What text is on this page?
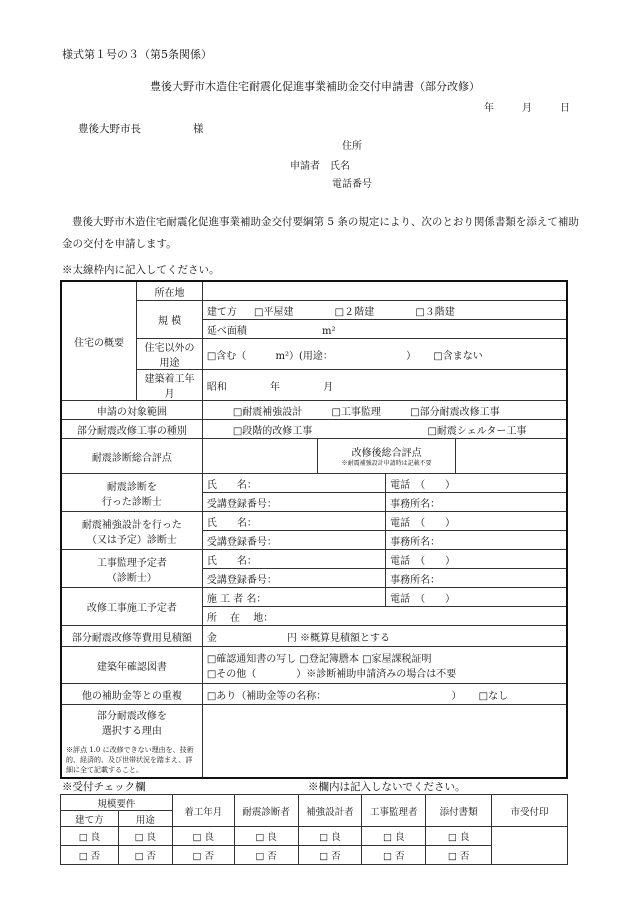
様式第１号の３（第5条関係）
豊後大野市木造住宅耐震化促進事業補助金交付申請書（部分改修）
年	月	日
豊後大野市長	様
住所
申請者 氏名
電話番号
豊後大野市木造住宅耐震化促進事業補助金交付要綱第 5 条の規定により、次のとおり関係書類を添えて補助金の交付を申請します。
※太線枠内に記入してください。
住宅の概要	所在地				
	規 模	建て方 □平屋建 □２階建 □３階建			
		延べ面積 m²			
	住宅以外の用途	□含む（ m²）(用途： ） □含まない			
	建築着工年月	昭和 年 月			
申請の対象範囲		□耐震補強設計 □工事監理 □部分耐震改修工事			
部分耐震改修工事の種別		□段階的改修工事 □耐震シェルター工事			
耐震診断総合評点			改修後総合評点
※耐震補強設計申請時は記載不要		

耐震診断を
行った診断士		氏　　名：		電話　（　　）	
		受講登録番号：		事務所名：	

耐震補強設計を行った
（又は予定）診断士		氏　　名：		電話　（　　）	
		受講登録番号：		事務所名：	

工事監理予定者
（診断士）		氏　　名：		電話　（　　）	
		受講登録番号：		事務所名：	
改修工事施工予定者		施 工 者 名：		電話　（　　）	
		所　 在　 地：			
部分耐震改修等費用見積額		金　　　　　　　円 ※概算見積額とする			
建築年確認図書		□確認通知書の写し □登記簿謄本 □家屋課税証明
□その他（　　　　）※診断補助申請済みの場合は不要			

他の補助金等との重複		□あり（補助金等の名称： ） □なし			

部分耐震改修を
選択する理由
※評点 1.0 に改修できない理由を、技術的、経済的、及び世帯状況を踏まえ、詳細に全て記載すること。					

※受付チェック欄	※欄内は記入しないでください。
規模要件		着工年月	耐震診断者	補強設計者	工事監理者	添付書類	市受付印
建て方	用途						
□ 良	□ 良	□ 良	□ 良	□ 良	□ 良	□ 良	
□ 否	□ 否	□ 否	□ 否	□ 否	□ 否	□ 否	
